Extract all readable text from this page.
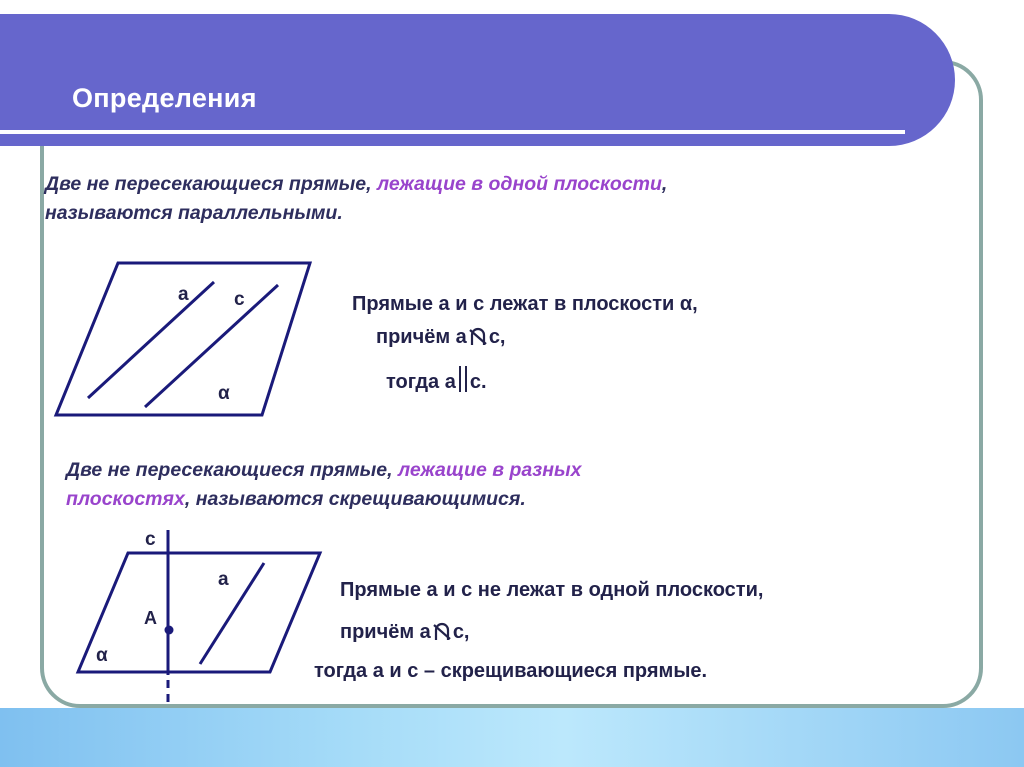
Определения
Две не пересекающиеся прямые, лежащие в одной плоскости,
называются параллельными.
a c
α
Прямые a и c лежат в плоскости α,
причём a c,
тогда a c.
Две не пересекающиеся прямые, лежащие в разных
плоскостях, называются скрещивающимися.
c
a
A
α
Прямые a и c не лежат в одной плоскости,
причём a c,
тогда a и c – скрещивающиеся прямые.
